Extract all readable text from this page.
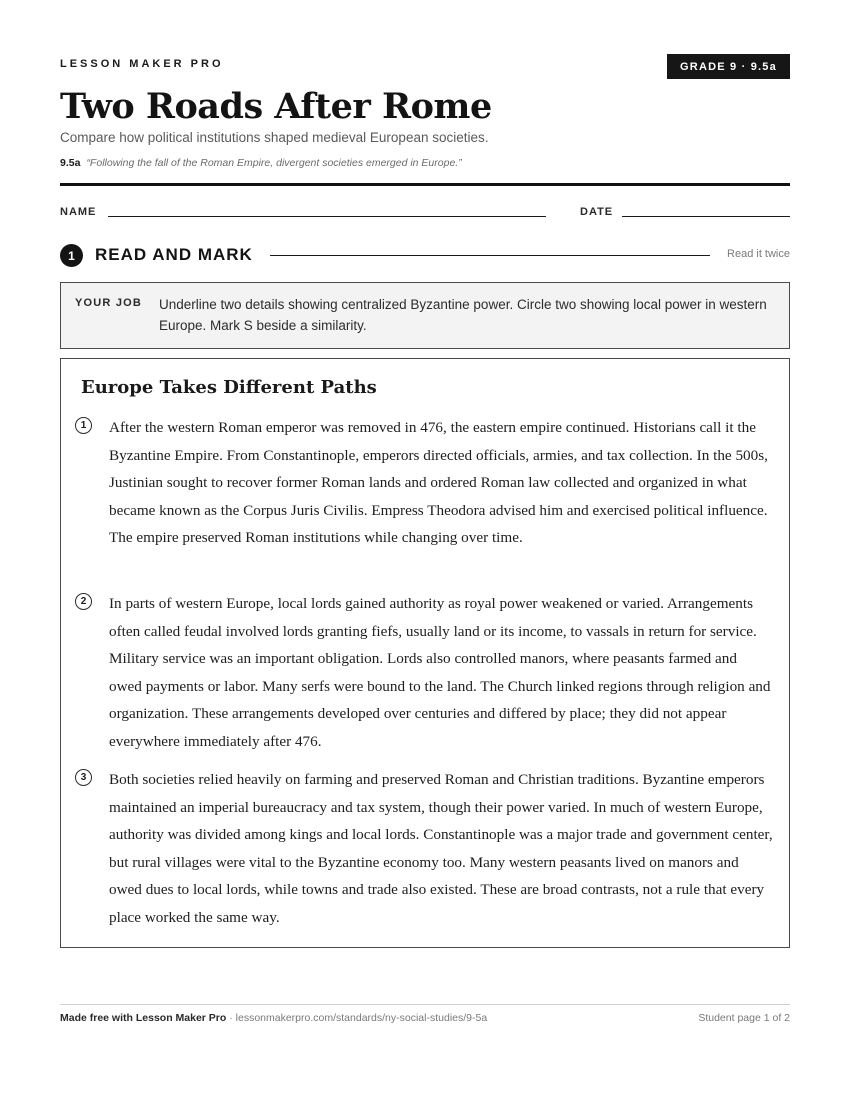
LESSON MAKER PRO	GRADE 9 · 9.5a
Two Roads After Rome
Compare how political institutions shaped medieval European societies.
9.5a “Following the fall of the Roman Empire, divergent societies emerged in Europe.”
NAME	DATE
1	READ AND MARK	Read it twice
YOUR JOB Underline two details showing centralized Byzantine power. Circle two showing local power in western Europe. Mark S beside a similarity.
Europe Takes Different Paths
1	After the western Roman emperor was removed in 476, the eastern empire continued. Historians call it the Byzantine Empire. From Constantinople, emperors directed officials, armies, and tax collection. In the 500s, Justinian sought to recover former Roman lands and ordered Roman law collected and organized in what became known as the Corpus Juris Civilis. Empress Theodora advised him and exercised political influence. The empire preserved Roman institutions while changing over time.

2	In parts of western Europe, local lords gained authority as royal power weakened or varied. Arrangements often called feudal involved lords granting fiefs, usually land or its income, to vassals in return for service. Military service was an important obligation. Lords also controlled manors, where peasants farmed and owed payments or labor. Many serfs were bound to the land. The Church linked regions through religion and organization. These arrangements developed over centuries and differed by place; they did not appear everywhere immediately after 476.

3	Both societies relied heavily on farming and preserved Roman and Christian traditions. Byzantine emperors maintained an imperial bureaucracy and tax system, though their power varied. In much of western Europe, authority was divided among kings and local lords. Constantinople was a major trade and government center, but rural villages were vital to the Byzantine economy too. Many western peasants lived on manors and owed dues to local lords, while towns and trade also existed. These are broad contrasts, not a rule that every place worked the same way.

Made free with Lesson Maker Pro · lessonmakerpro.com/standards/ny-social-studies/9-5a	Student page 1 of 2
